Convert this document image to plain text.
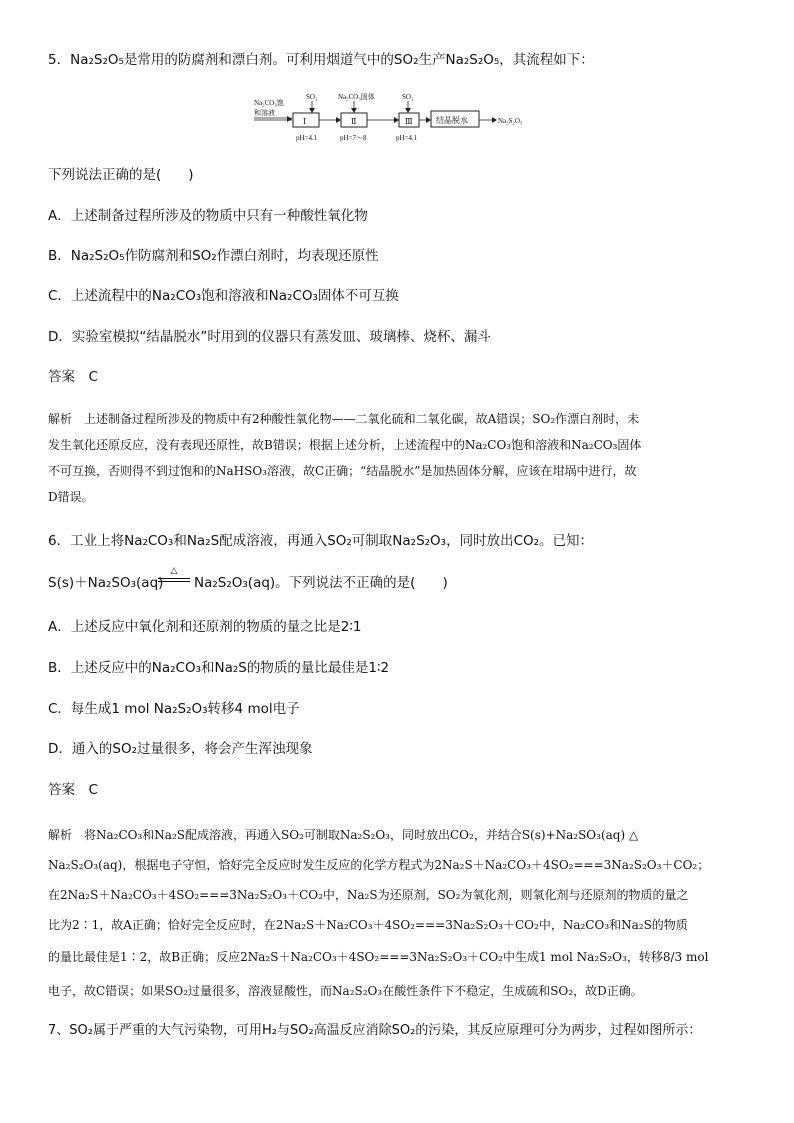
5．Na₂S₂O₅是常用的防腐剂和漂白剂。可利用烟道气中的SO₂生产Na₂S₂O₅，其流程如下：
Na₂CO₃饱
和溶液
SO₂
Ⅰ
pH=4.1
Na₂CO₃固体
Ⅱ
pH=7～8
SO₂
Ⅲ
pH=4.1
结晶脱水	Na₂S₂O₅
下列说法正确的是(　　)
A．上述制备过程所涉及的物质中只有一种酸性氧化物
B．Na₂S₂O₅作防腐剂和SO₂作漂白剂时，均表现还原性
C．上述流程中的Na₂CO₃饱和溶液和Na₂CO₃固体不可互换
D．实验室模拟“结晶脱水”时用到的仪器只有蒸发皿、玻璃棒、烧杯、漏斗
答案　C
解析　上述制备过程所涉及的物质中有2种酸性氧化物——二氧化硫和二氧化碳，故A错误；SO₂作漂白剂时，未
发生氧化还原反应，没有表现还原性，故B错误；根据上述分析，上述流程中的Na₂CO₃饱和溶液和Na₂CO₃固体
不可互换，否则得不到过饱和的NaHSO₃溶液，故C正确；“结晶脱水”是加热固体分解，应该在坩埚中进行，故
D错误。
6．工业上将Na₂CO₃和Na₂S配成溶液，再通入SO₂可制取Na₂S₂O₃，同时放出CO₂。已知：
S(s)＋Na₂SO₃(aq)
△
Na₂S₂O₃(aq)。下列说法不正确的是(　　)
A．上述反应中氧化剂和还原剂的物质的量之比是2∶1
B．上述反应中的Na₂CO₃和Na₂S的物质的量比最佳是1∶2
C．每生成1 mol Na₂S₂O₃转移4 mol电子
D．通入的SO₂过量很多，将会产生浑浊现象
答案　C
解析　将Na₂CO₃和Na₂S配成溶液，再通入SO₂可制取Na₂S₂O₃，同时放出CO₂，并结合S(s)+Na₂SO₃(aq) △
Na₂S₂O₃(aq)，根据电子守恒，恰好完全反应时发生反应的化学方程式为2Na₂S＋Na₂CO₃＋4SO₂===3Na₂S₂O₃＋CO₂；
在2Na₂S＋Na₂CO₃＋4SO₂===3Na₂S₂O₃＋CO₂中，Na₂S为还原剂，SO₂为氧化剂，则氧化剂与还原剂的物质的量之
比为2∶1，故A正确；恰好完全反应时，在2Na₂S＋Na₂CO₃＋4SO₂===3Na₂S₂O₃＋CO₂中，Na₂CO₃和Na₂S的物质
的量比最佳是1∶2，故B正确；反应2Na₂S＋Na₂CO₃＋4SO₂===3Na₂S₂O₃＋CO₂中生成1 mol Na₂S₂O₃，转移8/3 mol
电子，故C错误；如果SO₂过量很多，溶液显酸性，而Na₂S₂O₃在酸性条件下不稳定，生成硫和SO₂，故D正确。
7、SO₂属于严重的大气污染物，可用H₂与SO₂高温反应消除SO₂的污染，其反应原理可分为两步，过程如图所示：
